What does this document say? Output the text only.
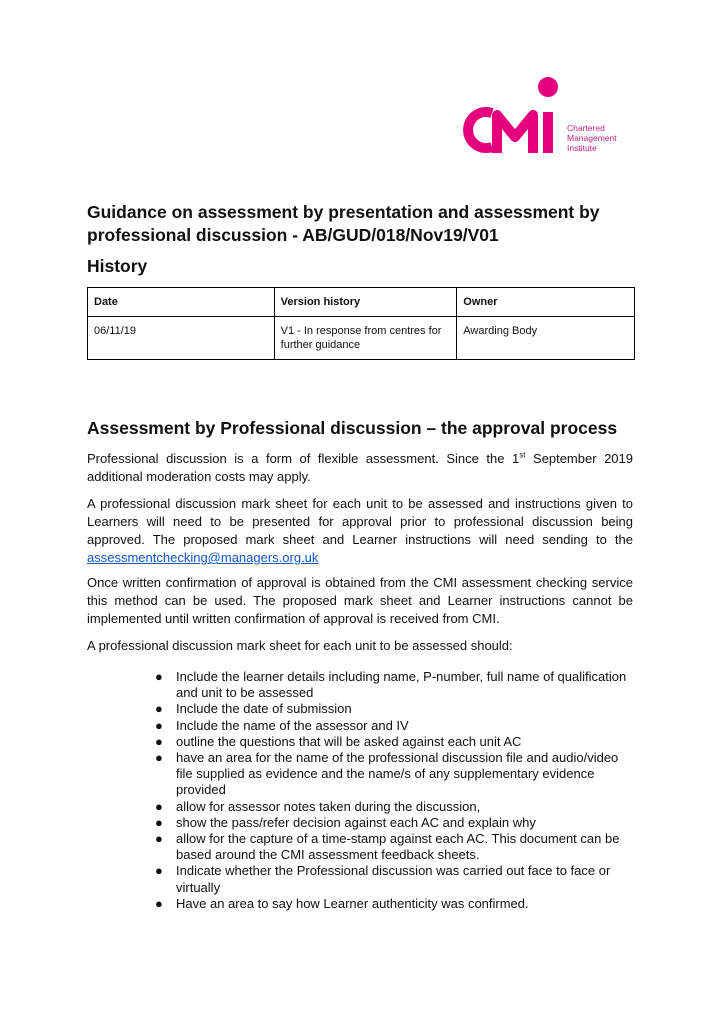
Chartered
Management
Institute
Guidance on assessment by presentation and assessment by professional discussion - AB/GUD/018/Nov19/V01
History
Date	Version history	Owner
06/11/19	V1 - In response from centres for further guidance	Awarding Body
Assessment by Professional discussion – the approval process

Professional discussion is a form of flexible assessment. Since the 1st September 2019 additional moderation costs may apply.

A professional discussion mark sheet for each unit to be assessed and instructions given to Learners will need to be presented for approval prior to professional discussion being approved. The proposed mark sheet and Learner instructions will need sending to the assessmentchecking@managers.org.uk

Once written confirmation of approval is obtained from the CMI assessment checking service this method can be used. The proposed mark sheet and Learner instructions cannot be implemented until written confirmation of approval is received from CMI.

A professional discussion mark sheet for each unit to be assessed should:

● Include the learner details including name, P-number, full name of qualification and unit to be assessed
● Include the date of submission
● Include the name of the assessor and IV
● outline the questions that will be asked against each unit AC
● have an area for the name of the professional discussion file and audio/video file supplied as evidence and the name/s of any supplementary evidence provided
● allow for assessor notes taken during the discussion,
● show the pass/refer decision against each AC and explain why
● allow for the capture of a time-stamp against each AC. This document can be based around the CMI assessment feedback sheets.
● Indicate whether the Professional discussion was carried out face to face or virtually
● Have an area to say how Learner authenticity was confirmed.
